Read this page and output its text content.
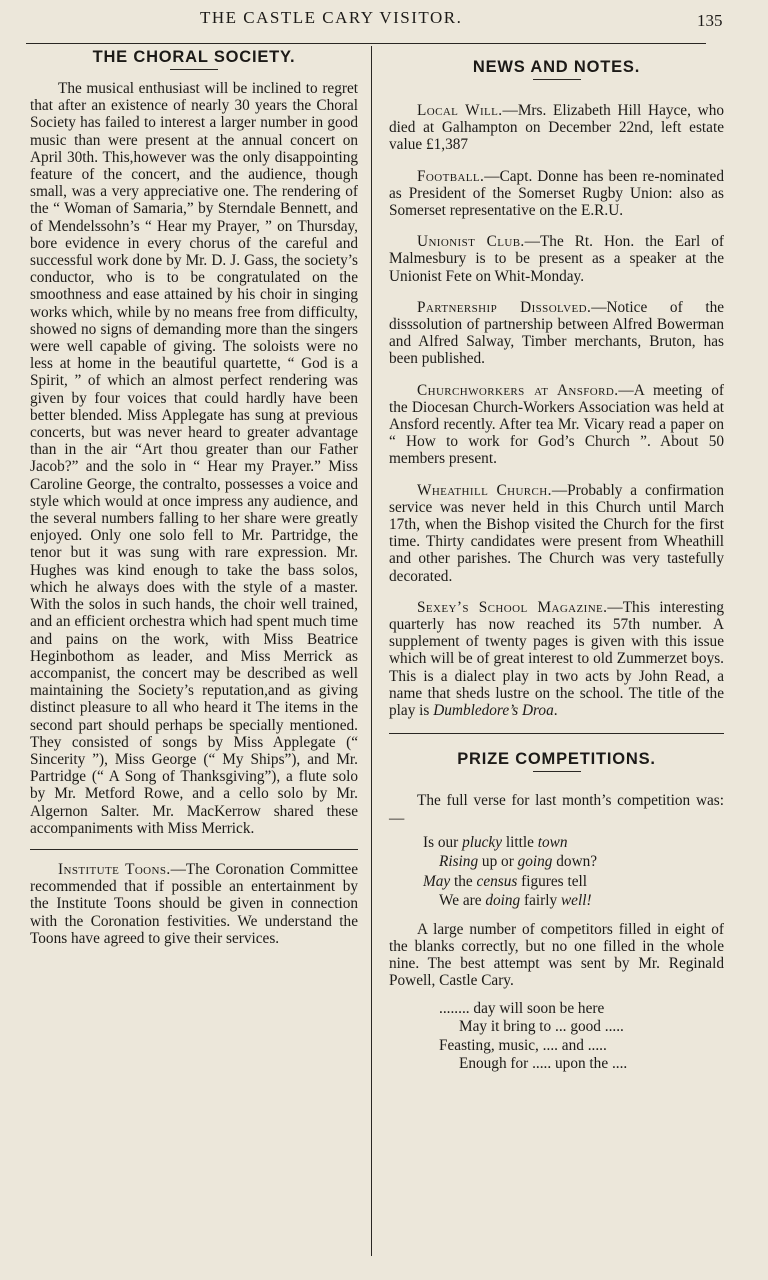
THE CASTLE CARY VISITOR.	135
THE CHORAL SOCIETY.

The musical enthusiast will be inclined to regret that after an existence of nearly 30 years the Choral Society has failed to interest a larger number in good music than were present at the annual concert on April 30th. This,however was the only disappointing feature of the concert, and the audience, though small, was a very appreciative one. The rendering of the “ Woman of Samaria,” by Sterndale Bennett, and of Mendelssohn’s “ Hear my Prayer, ” on Thursday, bore evidence in every chorus of the careful and successful work done by Mr. D. J. Gass, the society’s conductor, who is to be congratulated on the smoothness and ease attained by his choir in singing works which, while by no means free from difficulty, showed no signs of demanding more than the singers were well capable of giving. The soloists were no less at home in the beautiful quartette, “ God is a Spirit, ” of which an almost perfect rendering was given by four voices that could hardly have been better blended. Miss Applegate has sung at previous concerts, but was never heard to greater advantage than in the air “Art thou greater than our Father Jacob?” and the solo in “ Hear my Prayer.” Miss Caroline George, the contralto, possesses a voice and style which would at once impress any audience, and the several numbers falling to her share were greatly enjoyed. Only one solo fell to Mr. Partridge, the tenor but it was sung with rare expression. Mr. Hughes was kind enough to take the bass solos, which he always does with the style of a master. With the solos in such hands, the choir well trained, and an efficient orchestra which had spent much time and pains on the work, with Miss Beatrice Heginbothom as leader, and Miss Merrick as accompanist, the concert may be described as well maintaining the Society’s reputation,and as giving distinct pleasure to all who heard it The items in the second part should perhaps be specially mentioned. They consisted of songs by Miss Applegate (“ Sincerity ”), Miss George (“ My Ships”), and Mr. Partridge (“ A Song of Thanksgiving”), a flute solo by Mr. Metford Rowe, and a cello solo by Mr. Algernon Salter. Mr. MacKerrow shared these accompaniments with Miss Merrick.

Institute Toons.—The Coronation Committee recommended that if possible an entertainment by the Institute Toons should be given in connection with the Coronation festivities. We understand the Toons have agreed to give their services.

NEWS AND NOTES.

Local Will.—Mrs. Elizabeth Hill Hayce, who died at Galhampton on December 22nd, left estate value £1,387

Football.—Capt. Donne has been re-nominated as President of the Somerset Rugby Union: also as Somerset representative on the E.R.U.

Unionist Club.—The Rt. Hon. the Earl of Malmesbury is to be present as a speaker at the Unionist Fete on Whit-Monday.

Partnership Dissolved.—Notice of the disssolution of partnership between Alfred Bowerman and Alfred Salway, Timber merchants, Bruton, has been published.

Churchworkers at Ansford.—A meeting of the Diocesan Church-Workers Association was held at Ansford recently. After tea Mr. Vicary read a paper on “ How to work for God’s Church ”. About 50 members present.

Wheathill Church.—Probably a confirmation service was never held in this Church until March 17th, when the Bishop visited the Church for the first time. Thirty candidates were present from Wheathill and other parishes. The Church was very tastefully decorated.

Sexey’s School Magazine.—This interesting quarterly has now reached its 57th number. A supplement of twenty pages is given with this issue which will be of great interest to old Zummerzet boys. This is a dialect play in two acts by John Read, a name that sheds lustre on the school. The title of the play is Dumbledore’s Droa.

PRIZE COMPETITIONS.

The full verse for last month’s competition was:—

Is our plucky little town
Rising up or going down?
May the census figures tell
We are doing fairly well!

A large number of competitors filled in eight of the blanks correctly, but no one filled in the whole nine. The best attempt was sent by Mr. Reginald Powell, Castle Cary.

........ day will soon be here
May it bring to ... good .....
Feasting, music, .... and .....
Enough for ..... upon the ....
